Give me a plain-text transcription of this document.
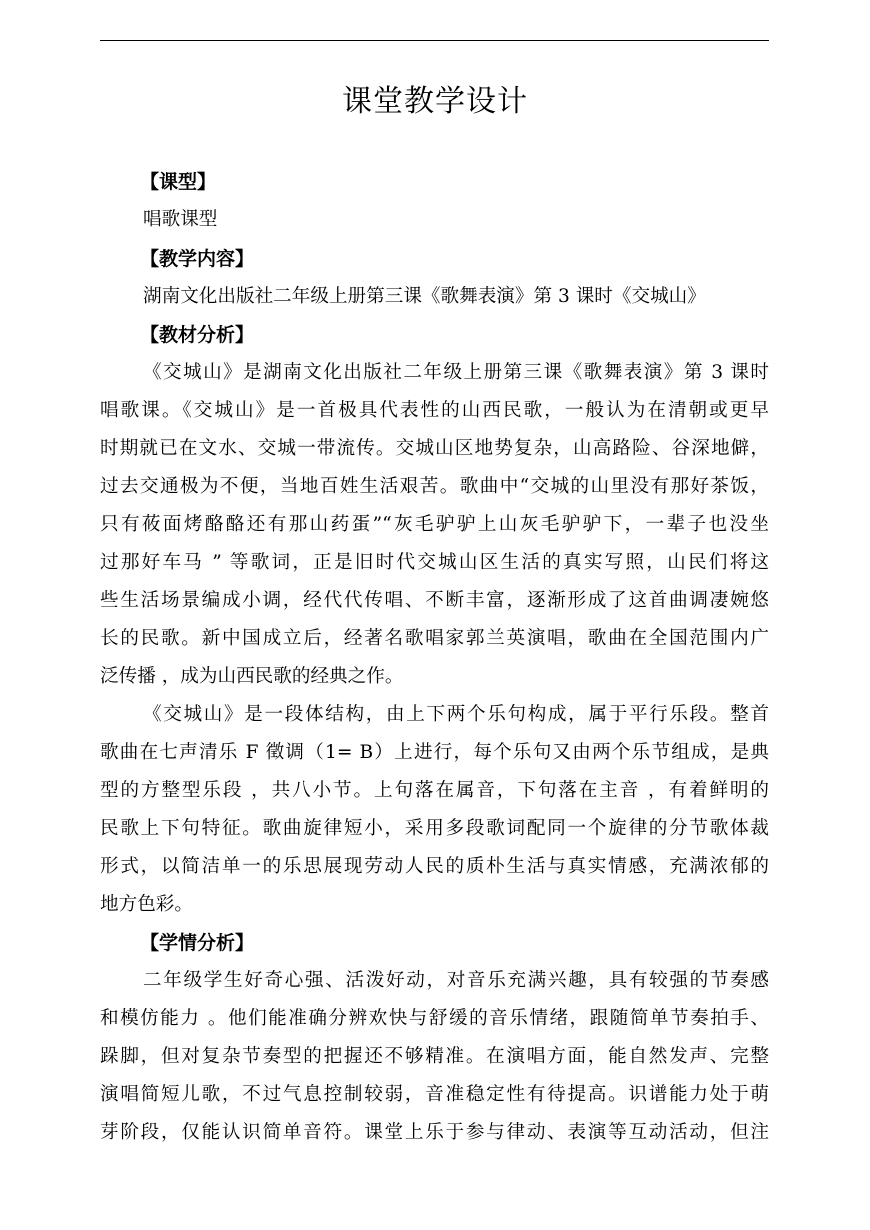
课堂教学设计
【课型】
唱歌课型
【教学内容】
湖南文化出版社二年级上册第三课《歌舞表演》第 3 课时《交城山》
【教材分析】
《交城山》是湖南文化出版社二年级上册第三课《歌舞表演》第 3 课时
唱歌课。《交城山》是一首极具代表性的山西民歌，一般认为在清朝或更早
时期就已在文水、交城一带流传。交城山区地势复杂，山高路险、谷深地僻，
过去交通极为不便，当地百姓生活艰苦。歌曲中“交城的山里没有那好茶饭，
只有莜面烤酪酪还有那山药蛋”“灰毛驴驴上山灰毛驴驴下，一辈子也没坐
过那好车马 ” 等歌词，正是旧时代交城山区生活的真实写照，山民们将这
些生活场景编成小调，经代代传唱、不断丰富，逐渐形成了这首曲调凄婉悠
长的民歌。新中国成立后，经著名歌唱家郭兰英演唱，歌曲在全国范围内广
泛传播 ，成为山西民歌的经典之作。
《交城山》是一段体结构，由上下两个乐句构成，属于平行乐段。整首
歌曲在七声清乐 F 徵调（1= B）上进行，每个乐句又由两个乐节组成，是典
型的方整型乐段 ，共八小节。上句落在属音，下句落在主音 ，有着鲜明的
民歌上下句特征。歌曲旋律短小，采用多段歌词配同一个旋律的分节歌体裁
形式，以简洁单一的乐思展现劳动人民的质朴生活与真实情感，充满浓郁的
地方色彩。
【学情分析】
二年级学生好奇心强、活泼好动，对音乐充满兴趣，具有较强的节奏感
和模仿能力 。他们能准确分辨欢快与舒缓的音乐情绪，跟随简单节奏拍手、
跺脚，但对复杂节奏型的把握还不够精准。在演唱方面，能自然发声、完整
演唱简短儿歌，不过气息控制较弱，音准稳定性有待提高。识谱能力处于萌
芽阶段，仅能认识简单音符。课堂上乐于参与律动、表演等互动活动，但注
